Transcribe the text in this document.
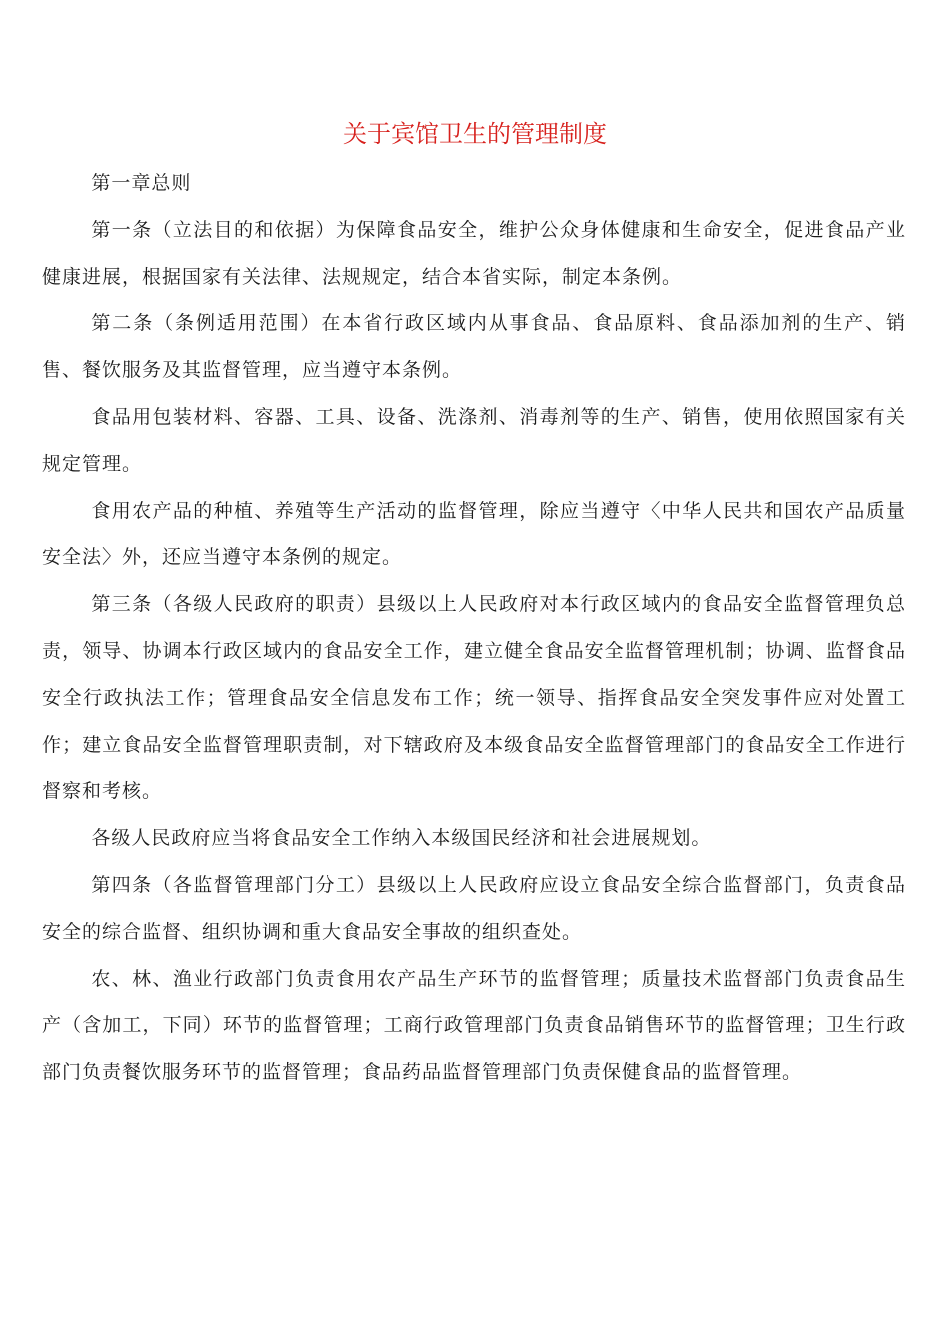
关于宾馆卫生的管理制度

第一章总则

第一条（立法目的和依据）为保障食品安全，维护公众身体健康和生命安全，促进食品产业健康进展，根据国家有关法律、法规规定，结合本省实际，制定本条例。

第二条（条例适用范围）在本省行政区域内从事食品、食品原料、食品添加剂的生产、销售、餐饮服务及其监督管理，应当遵守本条例。

食品用包装材料、容器、工具、设备、洗涤剂、消毒剂等的生产、销售，使用依照国家有关规定管理。

食用农产品的种植、养殖等生产活动的监督管理，除应当遵守〈中华人民共和国农产品质量安全法〉外，还应当遵守本条例的规定。

第三条（各级人民政府的职责）县级以上人民政府对本行政区域内的食品安全监督管理负总责，领导、协调本行政区域内的食品安全工作，建立健全食品安全监督管理机制；协调、监督食品安全行政执法工作；管理食品安全信息发布工作；统一领导、指挥食品安全突发事件应对处置工作；建立食品安全监督管理职责制，对下辖政府及本级食品安全监督管理部门的食品安全工作进行督察和考核。

各级人民政府应当将食品安全工作纳入本级国民经济和社会进展规划。

第四条（各监督管理部门分工）县级以上人民政府应设立食品安全综合监督部门，负责食品安全的综合监督、组织协调和重大食品安全事故的组织查处。

农、林、渔业行政部门负责食用农产品生产环节的监督管理；质量技术监督部门负责食品生产（含加工，下同）环节的监督管理；工商行政管理部门负责食品销售环节的监督管理；卫生行政部门负责餐饮服务环节的监督管理；食品药品监督管理部门负责保健食品的监督管理。
